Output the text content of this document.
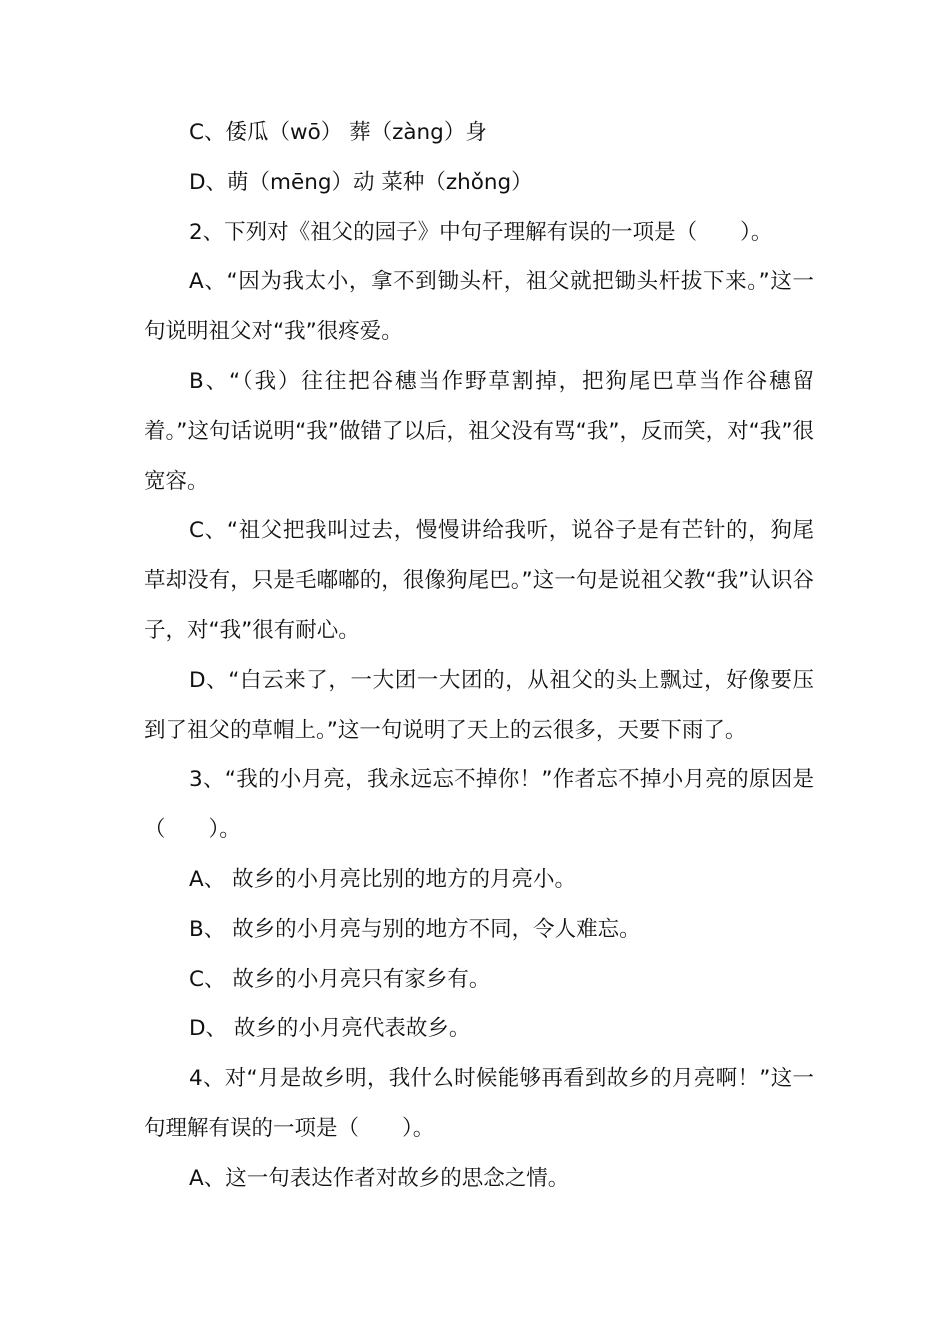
C、倭瓜（wō） 葬（zàng）身

D、萌（mēng）动 菜种（zhǒng）

2、下列对《祖父的园子》中句子理解有误的一项是（　　）。

A、“因为我太小，拿不到锄头杆，祖父就把锄头杆拔下来。”这一句说明祖父对“我”很疼爱。

B、“（我）往往把谷穗当作野草割掉，把狗尾巴草当作谷穗留着。”这句话说明“我”做错了以后，祖父没有骂“我”，反而笑，对“我”很宽容。

C、“祖父把我叫过去，慢慢讲给我听，说谷子是有芒针的，狗尾草却没有，只是毛嘟嘟的，很像狗尾巴。”这一句是说祖父教“我”认识谷子，对“我”很有耐心。

D、“白云来了，一大团一大团的，从祖父的头上飘过，好像要压到了祖父的草帽上。”这一句说明了天上的云很多，天要下雨了。

3、“我的小月亮，我永远忘不掉你！”作者忘不掉小月亮的原因是（　　）。

A、 故乡的小月亮比别的地方的月亮小。

B、 故乡的小月亮与别的地方不同，令人难忘。

C、 故乡的小月亮只有家乡有。

D、 故乡的小月亮代表故乡。

4、对“月是故乡明，我什么时候能够再看到故乡的月亮啊！”这一句理解有误的一项是（　　）。

A、这一句表达作者对故乡的思念之情。
